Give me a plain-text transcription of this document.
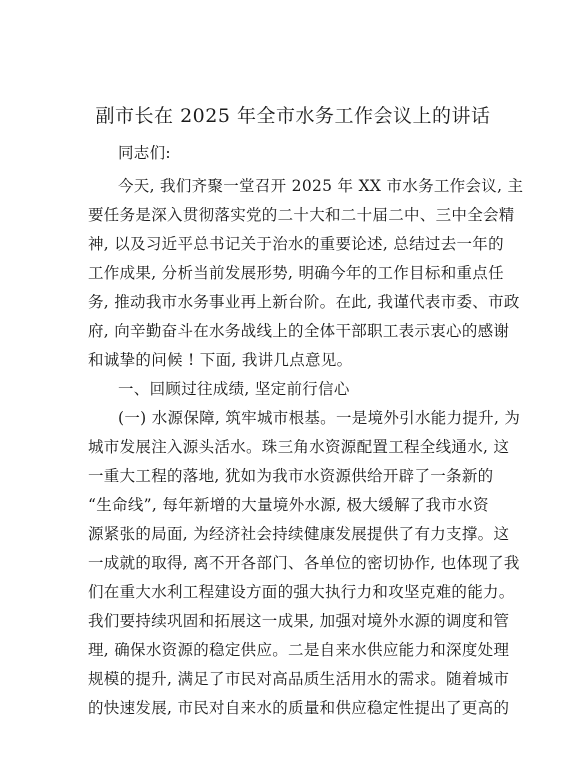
副市长在 2025 年全市水务工作会议上的讲话
同志们:
今天, 我们齐聚一堂召开 2025 年 XX 市水务工作会议, 主
要任务是深入贯彻落实党的二十大和二十届二中、三中全会精
神, 以及习近平总书记关于治水的重要论述, 总结过去一年的
工作成果, 分析当前发展形势, 明确今年的工作目标和重点任
务, 推动我市水务事业再上新台阶。在此, 我谨代表市委、市政
府, 向辛勤奋斗在水务战线上的全体干部职工表示衷心的感谢
和诚挚的问候 ! 下面, 我讲几点意见。
一、回顾过往成绩, 坚定前行信心
(一) 水源保障, 筑牢城市根基。一是境外引水能力提升, 为
城市发展注入源头活水。珠三角水资源配置工程全线通水, 这
一重大工程的落地, 犹如为我市水资源供给开辟了一条新的
“生命线”, 每年新增的大量境外水源, 极大缓解了我市水资
源紧张的局面, 为经济社会持续健康发展提供了有力支撑。这
一成就的取得, 离不开各部门、各单位的密切协作, 也体现了我
们在重大水利工程建设方面的强大执行力和攻坚克难的能力。
我们要持续巩固和拓展这一成果, 加强对境外水源的调度和管
理, 确保水资源的稳定供应。二是自来水供应能力和深度处理
规模的提升, 满足了市民对高品质生活用水的需求。随着城市
的快速发展, 市民对自来水的质量和供应稳定性提出了更高的
